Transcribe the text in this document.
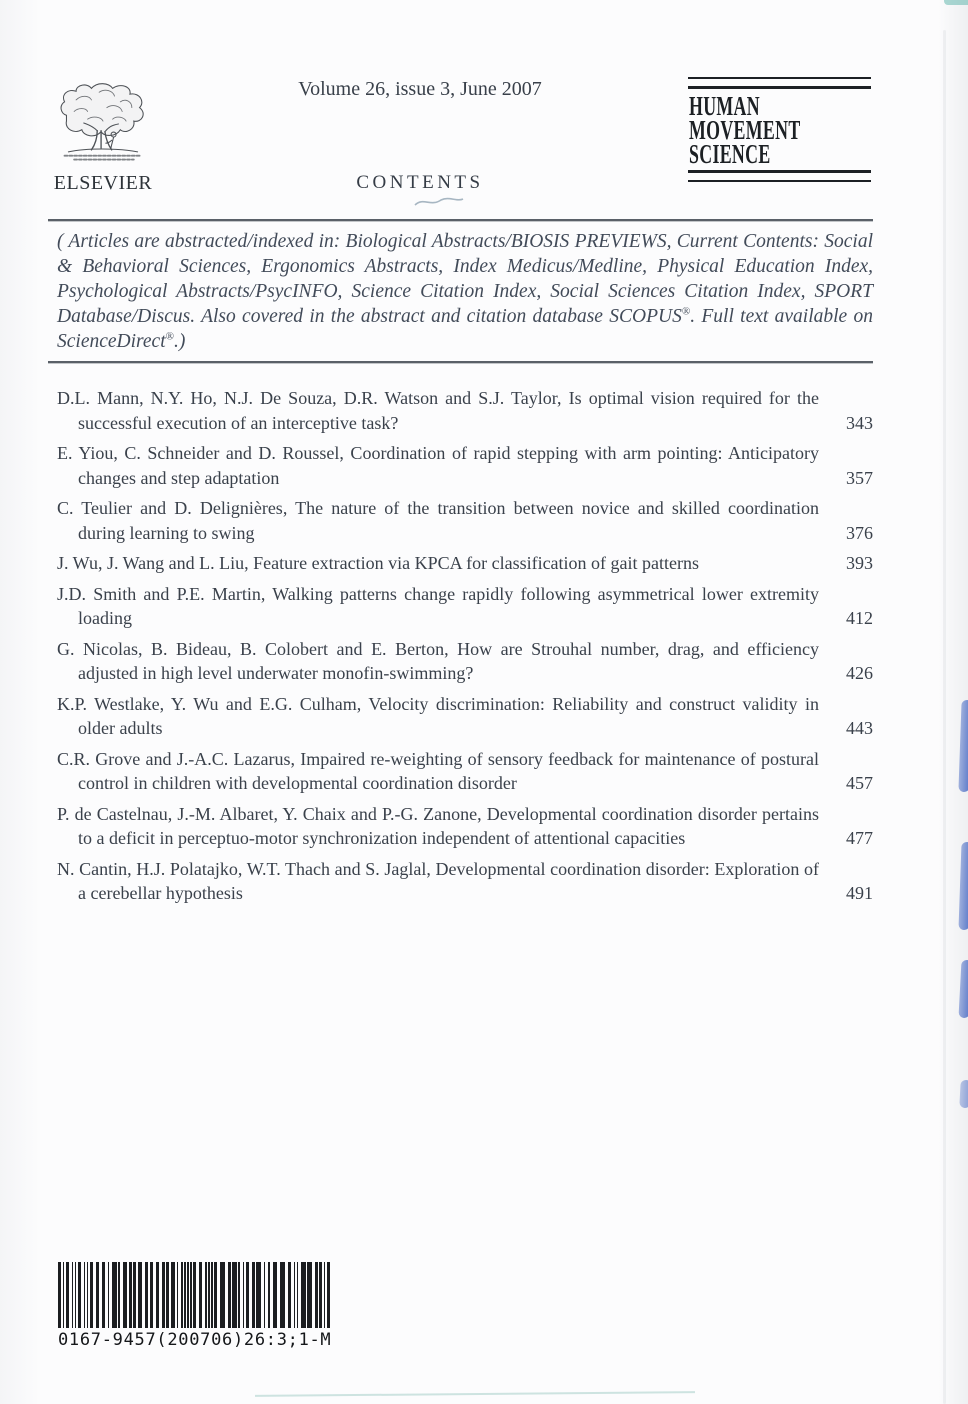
ELSEVIER
Volume 26, issue 3, June 2007
CONTENTS
HUMAN
MOVEMENT
SCIENCE

( Articles are abstracted/indexed in: Biological Abstracts/BIOSIS PREVIEWS, Current Contents: Social & Behavioral Sciences, Ergonomics Abstracts, Index Medicus/Medline, Physical Education Index, Psychological Abstracts/PsycINFO, Science Citation Index, Social Sciences Citation Index, SPORT Database/Discus. Also covered in the abstract and citation database SCOPUS®. Full text available on ScienceDirect®.)

D.L. Mann, N.Y. Ho, N.J. De Souza, D.R. Watson and S.J. Taylor, Is optimal vision required for the successful execution of an interceptive task?	343
E. Yiou, C. Schneider and D. Roussel, Coordination of rapid stepping with arm pointing: Anticipatory changes and step adaptation	357
C. Teulier and D. Delignières, The nature of the transition between novice and skilled coordination during learning to swing	376
J. Wu, J. Wang and L. Liu, Feature extraction via KPCA for classification of gait patterns	393
J.D. Smith and P.E. Martin, Walking patterns change rapidly following asymmetrical lower extremity loading	412
G. Nicolas, B. Bideau, B. Colobert and E. Berton, How are Strouhal number, drag, and efficiency adjusted in high level underwater monofin-swimming?	426
K.P. Westlake, Y. Wu and E.G. Culham, Velocity discrimination: Reliability and construct validity in older adults	443
C.R. Grove and J.-A.C. Lazarus, Impaired re-weighting of sensory feedback for maintenance of postural control in children with developmental coordination disorder	457
P. de Castelnau, J.-M. Albaret, Y. Chaix and P.-G. Zanone, Developmental coordination disorder pertains to a deficit in perceptuo-motor synchronization independent of attentional capacities	477
N. Cantin, H.J. Polatajko, W.T. Thach and S. Jaglal, Developmental coordination disorder: Exploration of a cerebellar hypothesis	491
0167-9457(200706)26:3;1-M
